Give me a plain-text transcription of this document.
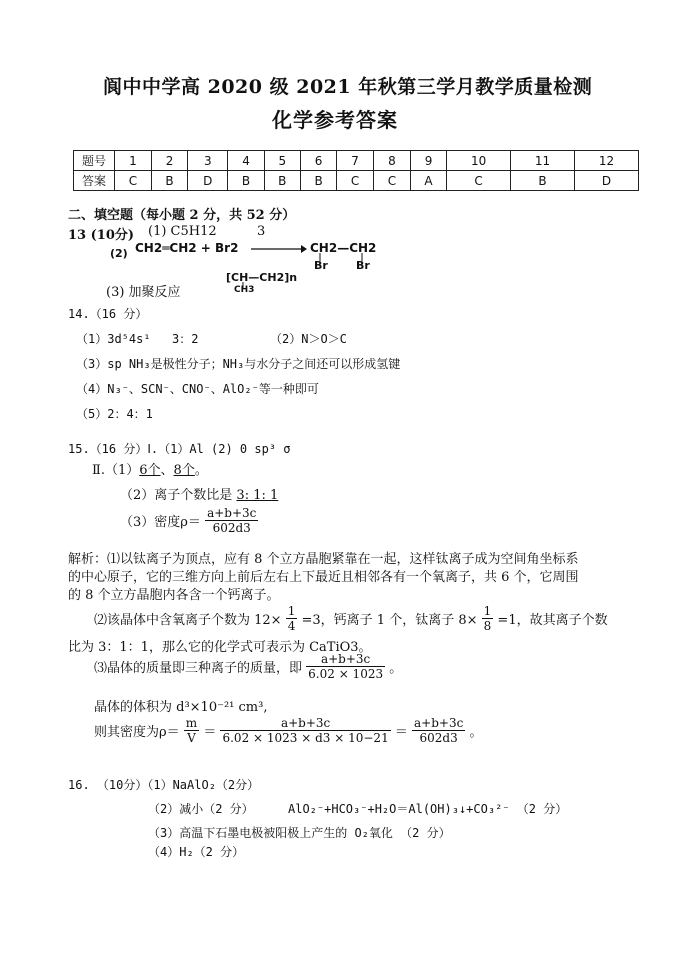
阆中中学高 2020 级 2021 年秋第三学月教学质量检测
化学参考答案
题号	1	2	3	4	5	6	7	8	9	10	11	12
答案	C	B	D	B	B	B	C	C	A	C	B	D
二、填空题（每小题 2 分，共 52 分）
13 (10分) (1) C5H12	3
(2) CH2═CH2 + Br2 → CH2—CH2
Br	Br
(3) 加聚反应
[CH—CH2]n
CH3
14.（16 分）
（1）3d⁵4s¹ 3：2	（2）N＞O＞C
（3）sp NH₃是极性分子；NH₃与水分子之间还可以形成氢键
（4）N₃⁻、SCN⁻、CNO⁻、AlO₂⁻等一种即可
（5）2：4：1
15.（16 分）Ⅰ.（1）Al (2) 0 sp³ σ
Ⅱ.（1）6个、8个。
（2）离子个数比是 3: 1: 1
（3）密度$\rho= \frac{a+b+3c}{602d3}$
解析：⑴以钛离子为顶点，应有 8 个立方晶胞紧靠在一起，这样钛离子成为空间角坐标系
的中心原子，它的三维方向上前后左右上下最近且相邻各有一个氧离子，共 6 个，它周围
的 8 个立方晶胞内各含一个钙离子。
⑵该晶体中含氧离子个数为 $12\times \frac{1}{4} =3$，钙离子 1 个，钛离子 $8\times \frac{1}{8} =1$，故其离子个数
比为 3：1：1，那么它的化学式可表示为 CaTiO3。
⑶晶体的质量即三种离子的质量，即 $\frac{a+b+3c}{6.02 \times 1023}$ 。
晶体的体积为 d³×10⁻²¹ cm³,
则其密度为$\rho= \frac{m}{V} = \frac{a+b+3c}{6.02 \times 1023 \times d3 \times 10-21} = \frac{a+b+3c}{602d3}$ 。
16. （10分）（1）NaAlO₂（2分）
（2）减小（2 分）	AlO₂⁻+HCO₃⁻+H₂O＝Al(OH)₃↓+CO₃²⁻ （2 分）
（3）高温下石墨电极被阳极上产生的 O₂氧化 （2 分）
（4）H₂（2 分）
